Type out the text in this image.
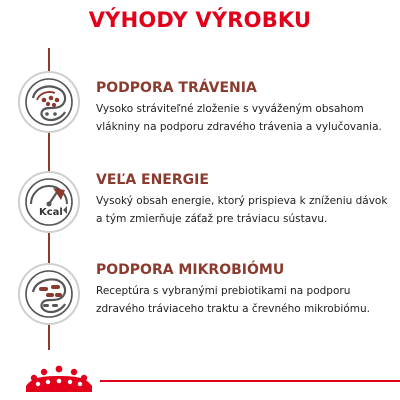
VÝHODY VÝROBKU

PODPORA TRÁVENIA

Vysoko stráviteľné zloženie s vyváženým obsahom
vlákniny na podporu zdravého trávenia a vylučovania.

Kcal

VEĽA ENERGIE

Vysoký obsah energie, ktorý prispieva k zníženiu dávok
a tým zmierňuje záťaž pre tráviacu sústavu.

PODPORA MIKROBIÓMU

Receptúra s vybranými prebiotikami na podporu
zdravého tráviaceho traktu a črevného mikrobiómu.
